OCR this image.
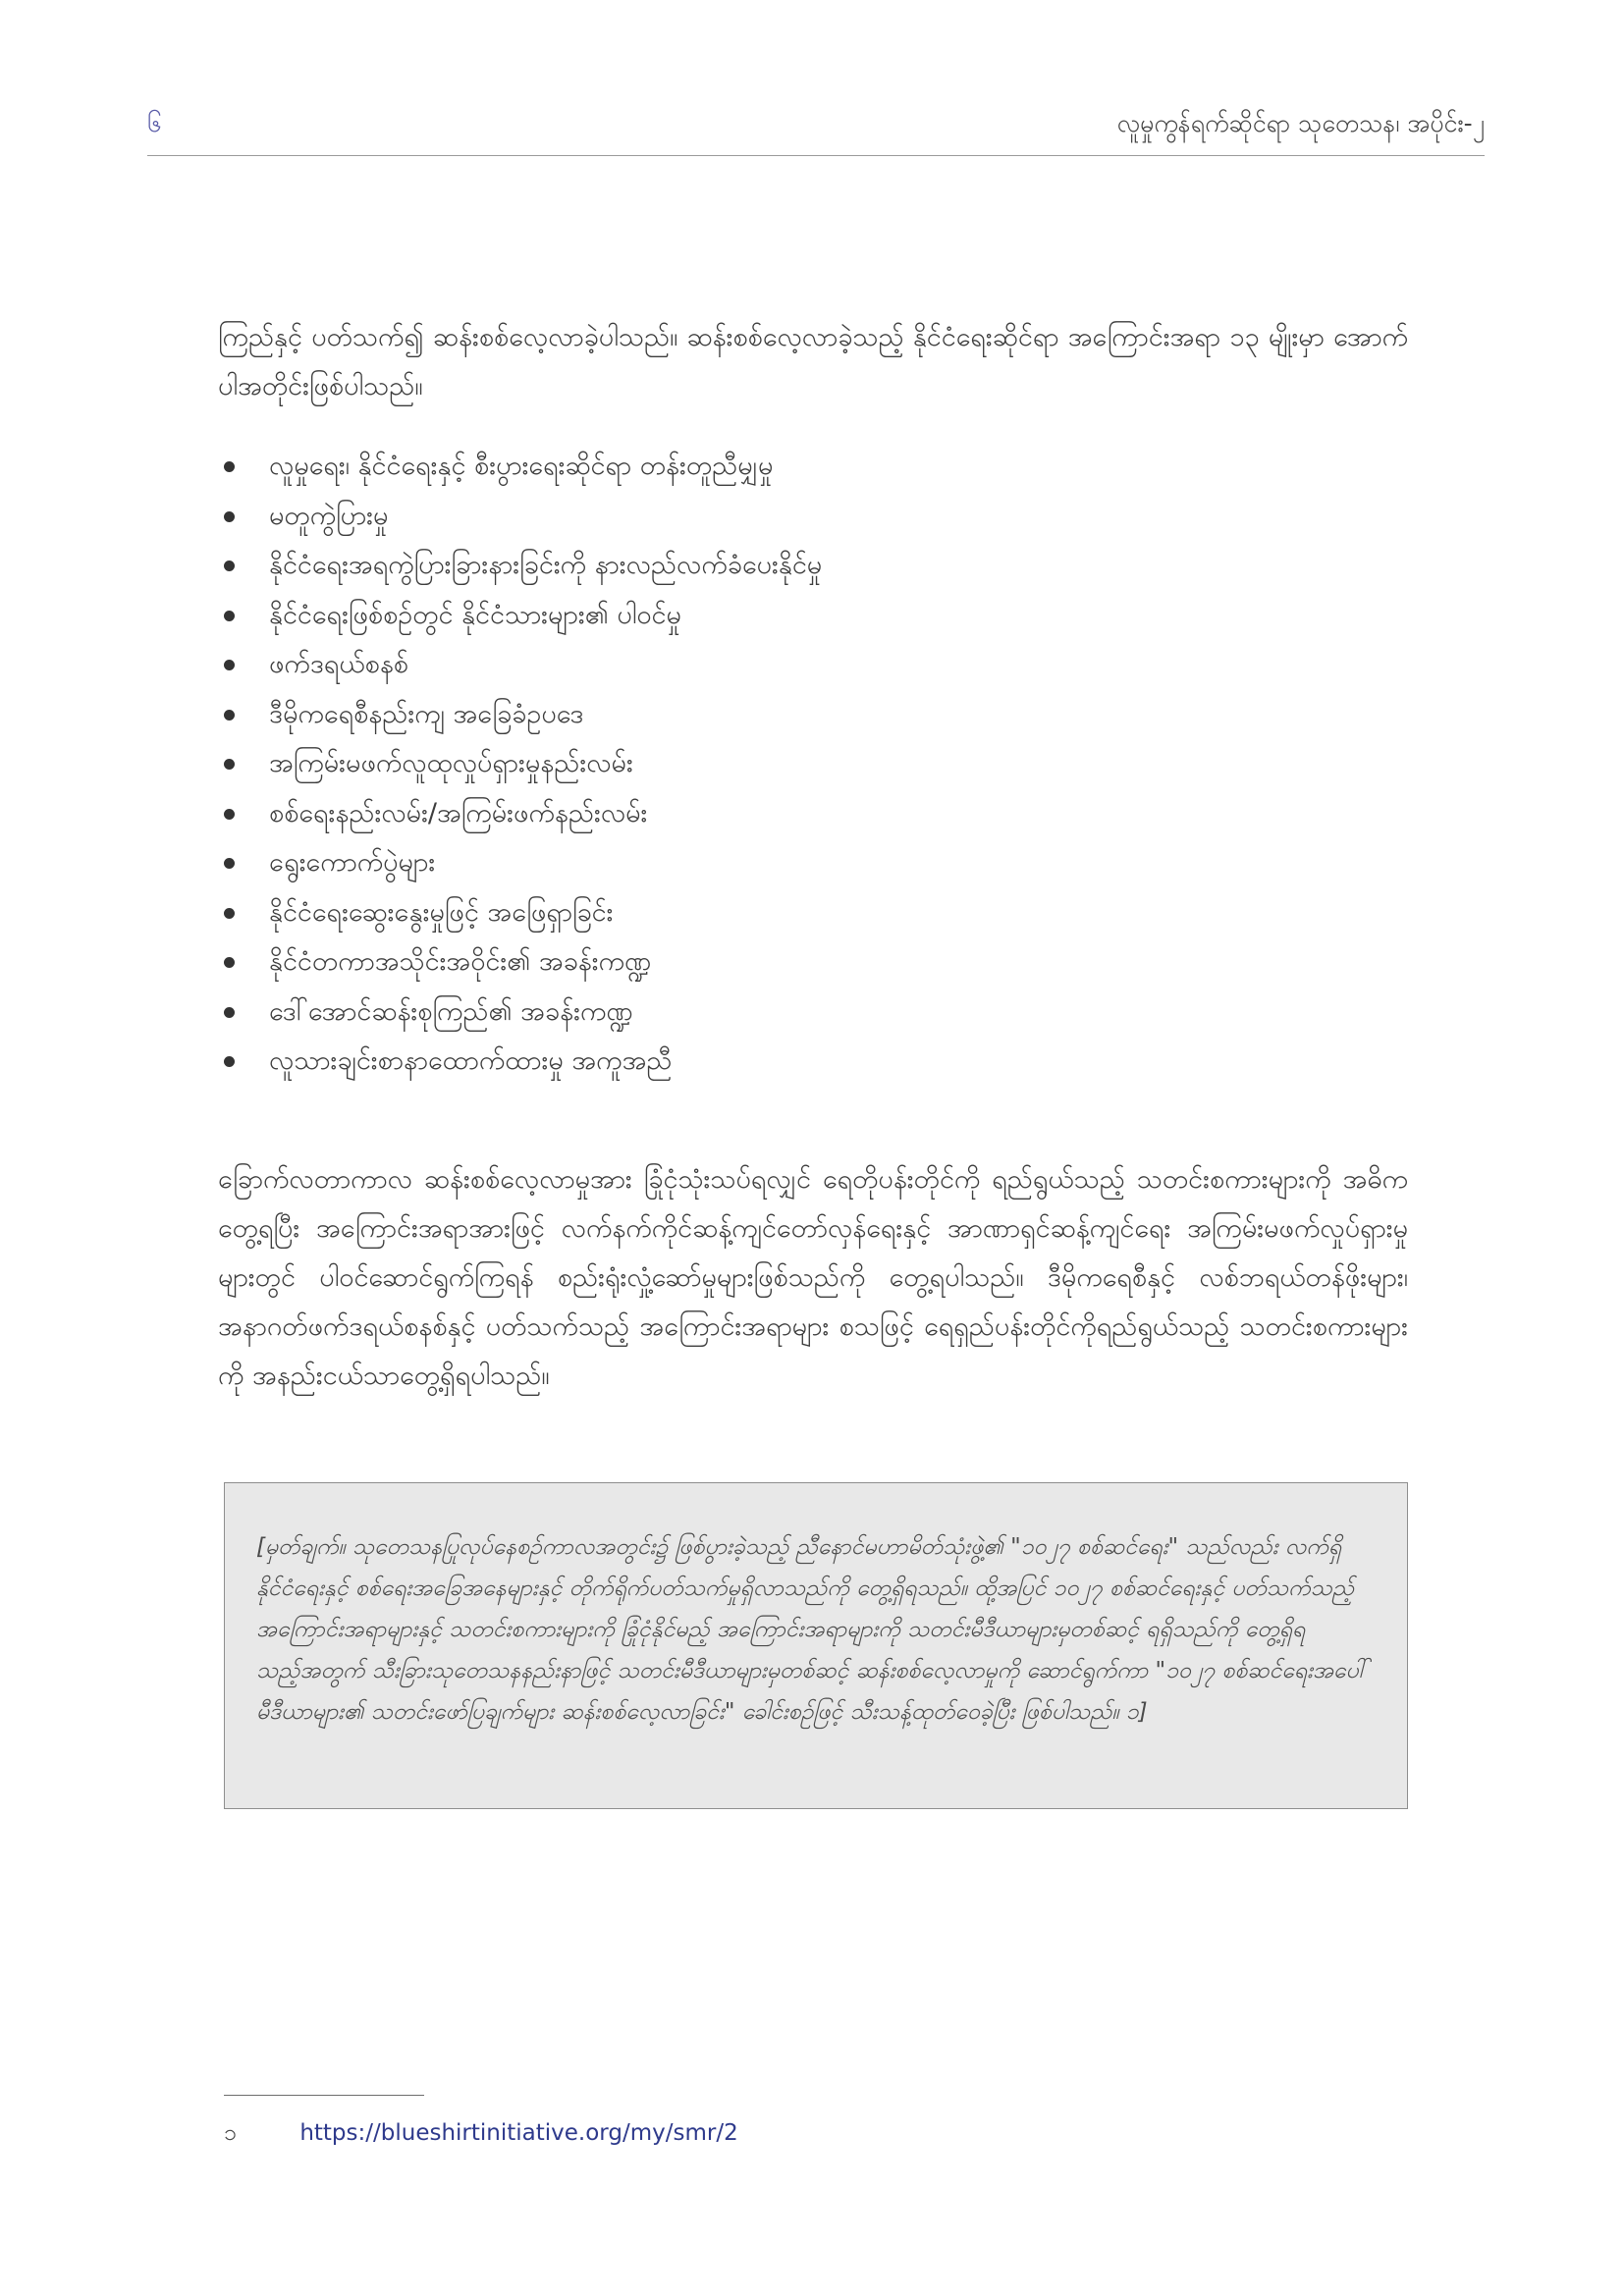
၆	လူမှုကွန်ရက်ဆိုင်ရာ သုတေသန၊ အပိုင်း-၂

ကြည်နှင့် ပတ်သက်၍ ဆန်းစစ်လေ့လာခဲ့ပါသည်။ ဆန်းစစ်လေ့လာခဲ့သည့် နိုင်ငံရေးဆိုင်ရာ အကြောင်းအရာ ၁၃ မျိုးမှာ အောက်ပါအတိုင်းဖြစ်ပါသည်။

လူမှုရေး၊ နိုင်ငံရေးနှင့် စီးပွားရေးဆိုင်ရာ တန်းတူညီမျှမှု
မတူကွဲပြားမှု
နိုင်ငံရေးအရကွဲပြားခြားနားခြင်းကို နားလည်လက်ခံပေးနိုင်မှု
နိုင်ငံရေးဖြစ်စဉ်တွင် နိုင်ငံသားများ၏ ပါဝင်မှု
ဖက်ဒရယ်စနစ်
ဒီမိုကရေစီနည်းကျ အခြေခံဥပဒေ
အကြမ်းမဖက်လူထုလှုပ်ရှားမှုနည်းလမ်း
စစ်ရေးနည်းလမ်း/အကြမ်းဖက်နည်းလမ်း
ရွေးကောက်ပွဲများ
နိုင်ငံရေးဆွေးနွေးမှုဖြင့် အဖြေရှာခြင်း
နိုင်ငံတကာအသိုင်းအဝိုင်း၏ အခန်းကဏ္ဍ
ဒေါ်အောင်ဆန်းစုကြည်၏ အခန်းကဏ္ဍ
လူသားချင်းစာနာထောက်ထားမှု အကူအညီ

ခြောက်လတာကာလ ဆန်းစစ်လေ့လာမှုအား ခြုံငုံသုံးသပ်ရလျှင် ရေတိုပန်းတိုင်ကို ရည်ရွယ်သည့် သတင်းစကားများကို အဓိကတွေ့ရပြီး အကြောင်းအရာအားဖြင့် လက်နက်ကိုင်ဆန့်ကျင်တော်လှန်ရေးနှင့် အာဏာရှင်ဆန့်ကျင်ရေး အကြမ်းမဖက်လှုပ်ရှားမှုများတွင် ပါဝင်ဆောင်ရွက်ကြရန် စည်းရုံးလှုံ့ဆော်မှုများဖြစ်သည်ကို တွေ့ရပါသည်။ ဒီမိုကရေစီနှင့် လစ်ဘရယ်တန်ဖိုးများ၊ အနာဂတ်ဖက်ဒရယ်စနစ်နှင့် ပတ်သက်သည့် အကြောင်းအရာများ စသဖြင့် ရေရှည်ပန်းတိုင်ကိုရည်ရွယ်သည့် သတင်းစကားများကို အနည်းငယ်သာတွေ့ရှိရပါသည်။

[မှတ်ချက်။ သုတေသနပြုလုပ်နေစဉ်ကာလအတွင်း၌ ဖြစ်ပွားခဲ့သည့် ညီနောင်မဟာမိတ်သုံးဖွဲ့၏ "၁၀၂၇ စစ်ဆင်ရေး" သည်လည်း လက်ရှိ နိုင်ငံရေးနှင့် စစ်ရေးအခြေအနေများနှင့် တိုက်ရိုက်ပတ်သက်မှုရှိလာသည်ကို တွေ့ရှိရသည်။ ထို့အပြင် ၁၀၂၇ စစ်ဆင်ရေးနှင့် ပတ်သက်သည့် အကြောင်းအရာများနှင့် သတင်းစကားများကို ခြုံငုံနိုင်မည့် အကြောင်းအရာများကို သတင်းမီဒီယာများမှတစ်ဆင့် ရရှိသည်ကို တွေ့ရှိရသည့်အတွက် သီးခြားသုတေသနနည်းနာဖြင့် သတင်းမီဒီယာများမှတစ်ဆင့် ဆန်းစစ်လေ့လာမှုကို ဆောင်ရွက်ကာ "၁၀၂၇ စစ်ဆင်ရေးအပေါ် မီဒီယာများ၏ သတင်းဖော်ပြချက်များ ဆန်းစစ်လေ့လာခြင်း" ခေါင်းစဉ်ဖြင့် သီးသန့်ထုတ်ဝေခဲ့ပြီး ဖြစ်ပါသည်။ ၁]
၁	https://blueshirtinitiative.org/my/smr/2
